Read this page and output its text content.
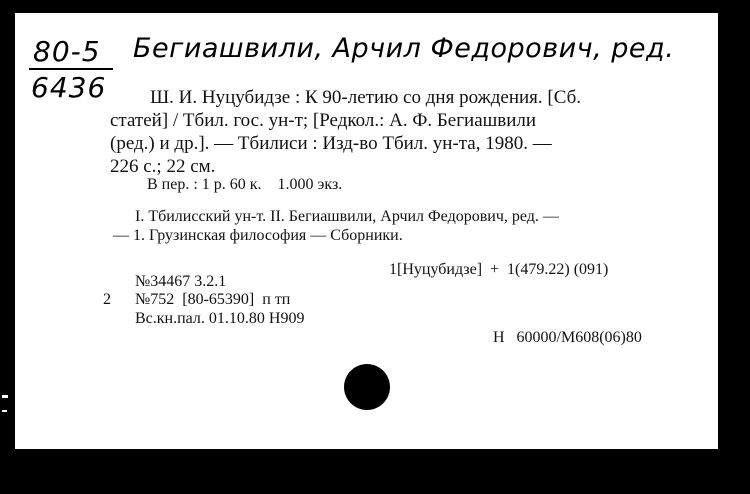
80-5
6436
Бегиашвили, Арчил Федорович, ред.
Ш. И. Нуцубидзе : К 90-летию со дня рождения. [Сб.
статей] / Тбил. гос. ун-т; [Редкол.: А. Ф. Бегиашвили
(ред.) и др.]. — Тбилиси : Изд-во Тбил. ун-та, 1980. —
226 с.; 22 см.
В пер. : 1 р. 60 к.    1.000 экз.
I. Тбилисский ун-т. II. Бегиашвили, Арчил Федорович, ред. —
— 1. Грузинская философия — Сборники.
1[Нуцубидзе]  +  1(479.22) (091)
№34467 3.2.1
2 №752  [80-65390]  п тп
Вс.кн.пал. 01.10.80 Н909
Н   60000/М608(06)80
